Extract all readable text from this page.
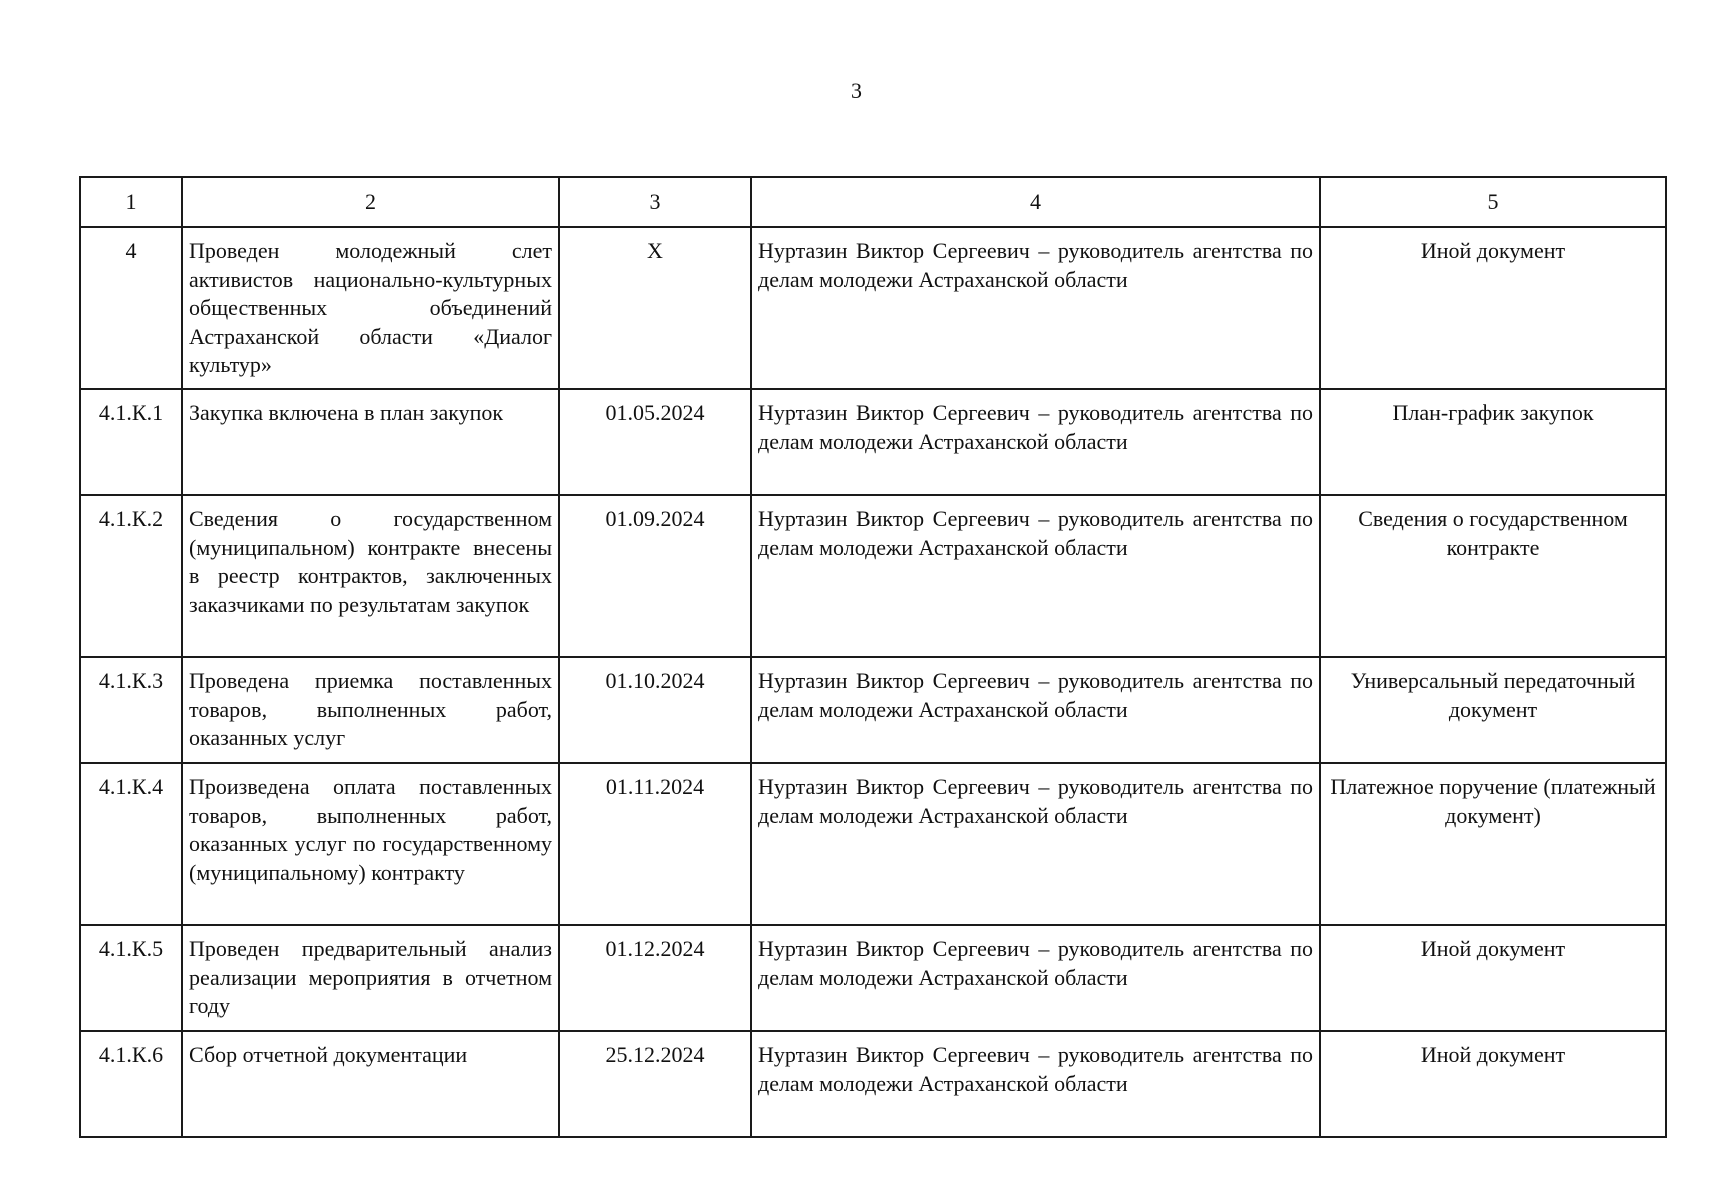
3
1	2	3	4	5
4	Проведен молодежный слет активистов национально-культурных общественных объединений Астраханской области «Диалог культур»	Х	Нуртазин Виктор Сергеевич – руководитель агентства по делам молодежи Астраханской области	Иной документ
4.1.К.1	Закупка включена в план закупок	01.05.2024	Нуртазин Виктор Сергеевич – руководитель агентства по делам молодежи Астраханской области	План-график закупок
4.1.К.2	Сведения о государственном (муниципальном) контракте внесены в реестр контрактов, заключенных заказчиками по результатам закупок	01.09.2024	Нуртазин Виктор Сергеевич – руководитель агентства по делам молодежи Астраханской области	Сведения о государственном контракте
4.1.К.3	Проведена приемка поставленных товаров, выполненных работ, оказанных услуг	01.10.2024	Нуртазин Виктор Сергеевич – руководитель агентства по делам молодежи Астраханской области	Универсальный передаточный документ
4.1.К.4	Произведена оплата поставленных товаров, выполненных работ, оказанных услуг по государственному (муниципальному) контракту	01.11.2024	Нуртазин Виктор Сергеевич – руководитель агентства по делам молодежи Астраханской области	Платежное поручение (платежный документ)
4.1.К.5	Проведен предварительный анализ реализации мероприятия в отчетном году	01.12.2024	Нуртазин Виктор Сергеевич – руководитель агентства по делам молодежи Астраханской области	Иной документ
4.1.К.6	Сбор отчетной документации	25.12.2024	Нуртазин Виктор Сергеевич – руководитель агентства по делам молодежи Астраханской области	Иной документ
